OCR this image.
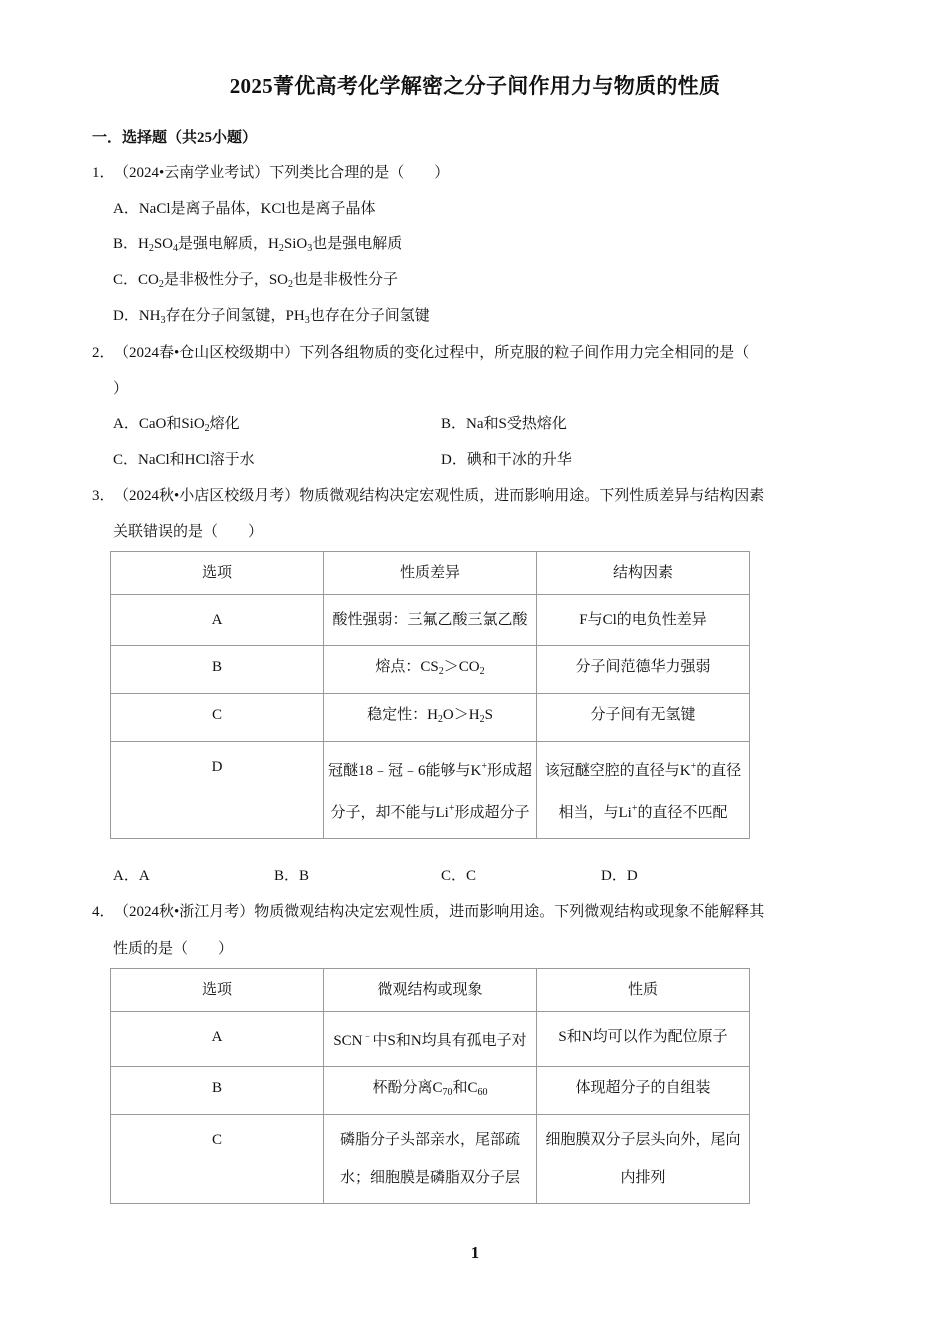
2025菁优高考化学解密之分子间作用力与物质的性质
一．选择题（共25小题）
1．（2024•云南学业考试）下列类比合理的是（　　）
A．NaCl是离子晶体，KCl也是离子晶体
B．$H_2SO_4$是强电解质，$H_2SiO_3$也是强电解质
C．$CO_2$是非极性分子，$SO_2$也是非极性分子
D．$NH_3$存在分子间氢键，$PH_3$也存在分子间氢键
2．（2024春•仓山区校级期中）下列各组物质的变化过程中，所克服的粒子间作用力完全相同的是（
）
A．CaO和SiO$_2$熔化	B．Na和S受热熔化
C．NaCl和HCl溶于水	D．碘和干冰的升华
3．（2024秋•小店区校级月考）物质微观结构决定宏观性质，进而影响用途。下列性质差异与结构因素
关联错误的是（　　）
选项	性质差异	结构因素
A	酸性强弱：三氟乙酸三氯乙酸	F与Cl的电负性差异
B	熔点：$CS_2>CO_2$	分子间范德华力强弱
C	稳定性：$H_2O>H_2S$	分子间有无氢键
D	冠醚18﹣冠﹣6能够与K+形成超分子，却不能与Li+形成超分子	该冠醚空腔的直径与K+的直径相当，与Li+的直径不匹配
A．A	B．B	C．C	D．D
4．（2024秋•浙江月考）物质微观结构决定宏观性质，进而影响用途。下列微观结构或现象不能解释其
性质的是（　　）
选项	微观结构或现象	性质
A	SCN﹣中S和N均具有孤电子对	S和N均可以作为配位原子
B	杯酚分离$C_{70}$和$C_{60}$	体现超分子的自组装
C	磷脂分子头部亲水，尾部疏水；细胞膜是磷脂双分子层	细胞膜双分子层头向外，尾向内排列
1
